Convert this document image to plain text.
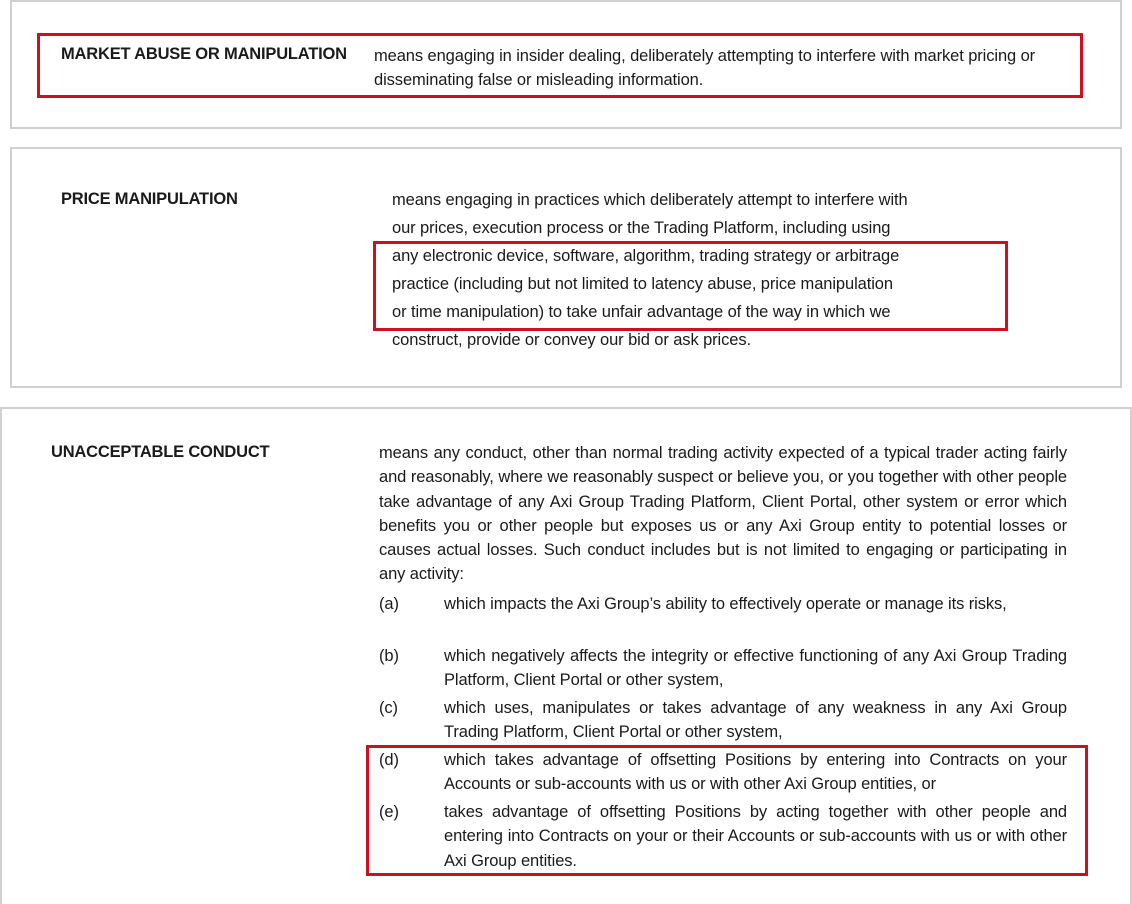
MARKET ABUSE OR MANIPULATION means engaging in insider dealing, deliberately attempting to interfere with market pricing or disseminating false or misleading information.
PRICE MANIPULATION	means engaging in practices which deliberately attempt to interfere with
our prices, execution process or the Trading Platform, including using
any electronic device, software, algorithm, trading strategy or arbitrage
practice (including but not limited to latency abuse, price manipulation
or time manipulation) to take unfair advantage of the way in which we
construct, provide or convey our bid or ask prices.
UNACCEPTABLE CONDUCT	means any conduct, other than normal trading activity expected of a typical trader acting fairly and reasonably, where we reasonably suspect or believe you, or you together with other people take advantage of any Axi Group Trading Platform, Client Portal, other system or error which benefits you or other people but exposes us or any Axi Group entity to potential losses or causes actual losses. Such conduct includes but is not limited to engaging or participating in any activity:
(a)	which impacts the Axi Group’s ability to effectively operate or manage its risks,
(b)	which negatively affects the integrity or effective functioning of any Axi Group Trading Platform, Client Portal or other system,
(c)	which uses, manipulates or takes advantage of any weakness in any Axi Group Trading Platform, Client Portal or other system,
(d)	which takes advantage of offsetting Positions by entering into Contracts on your Accounts or sub-accounts with us or with other Axi Group entities, or
(e)	takes advantage of offsetting Positions by acting together with other people and entering into Contracts on your or their Accounts or sub-accounts with us or with other Axi Group entities.
